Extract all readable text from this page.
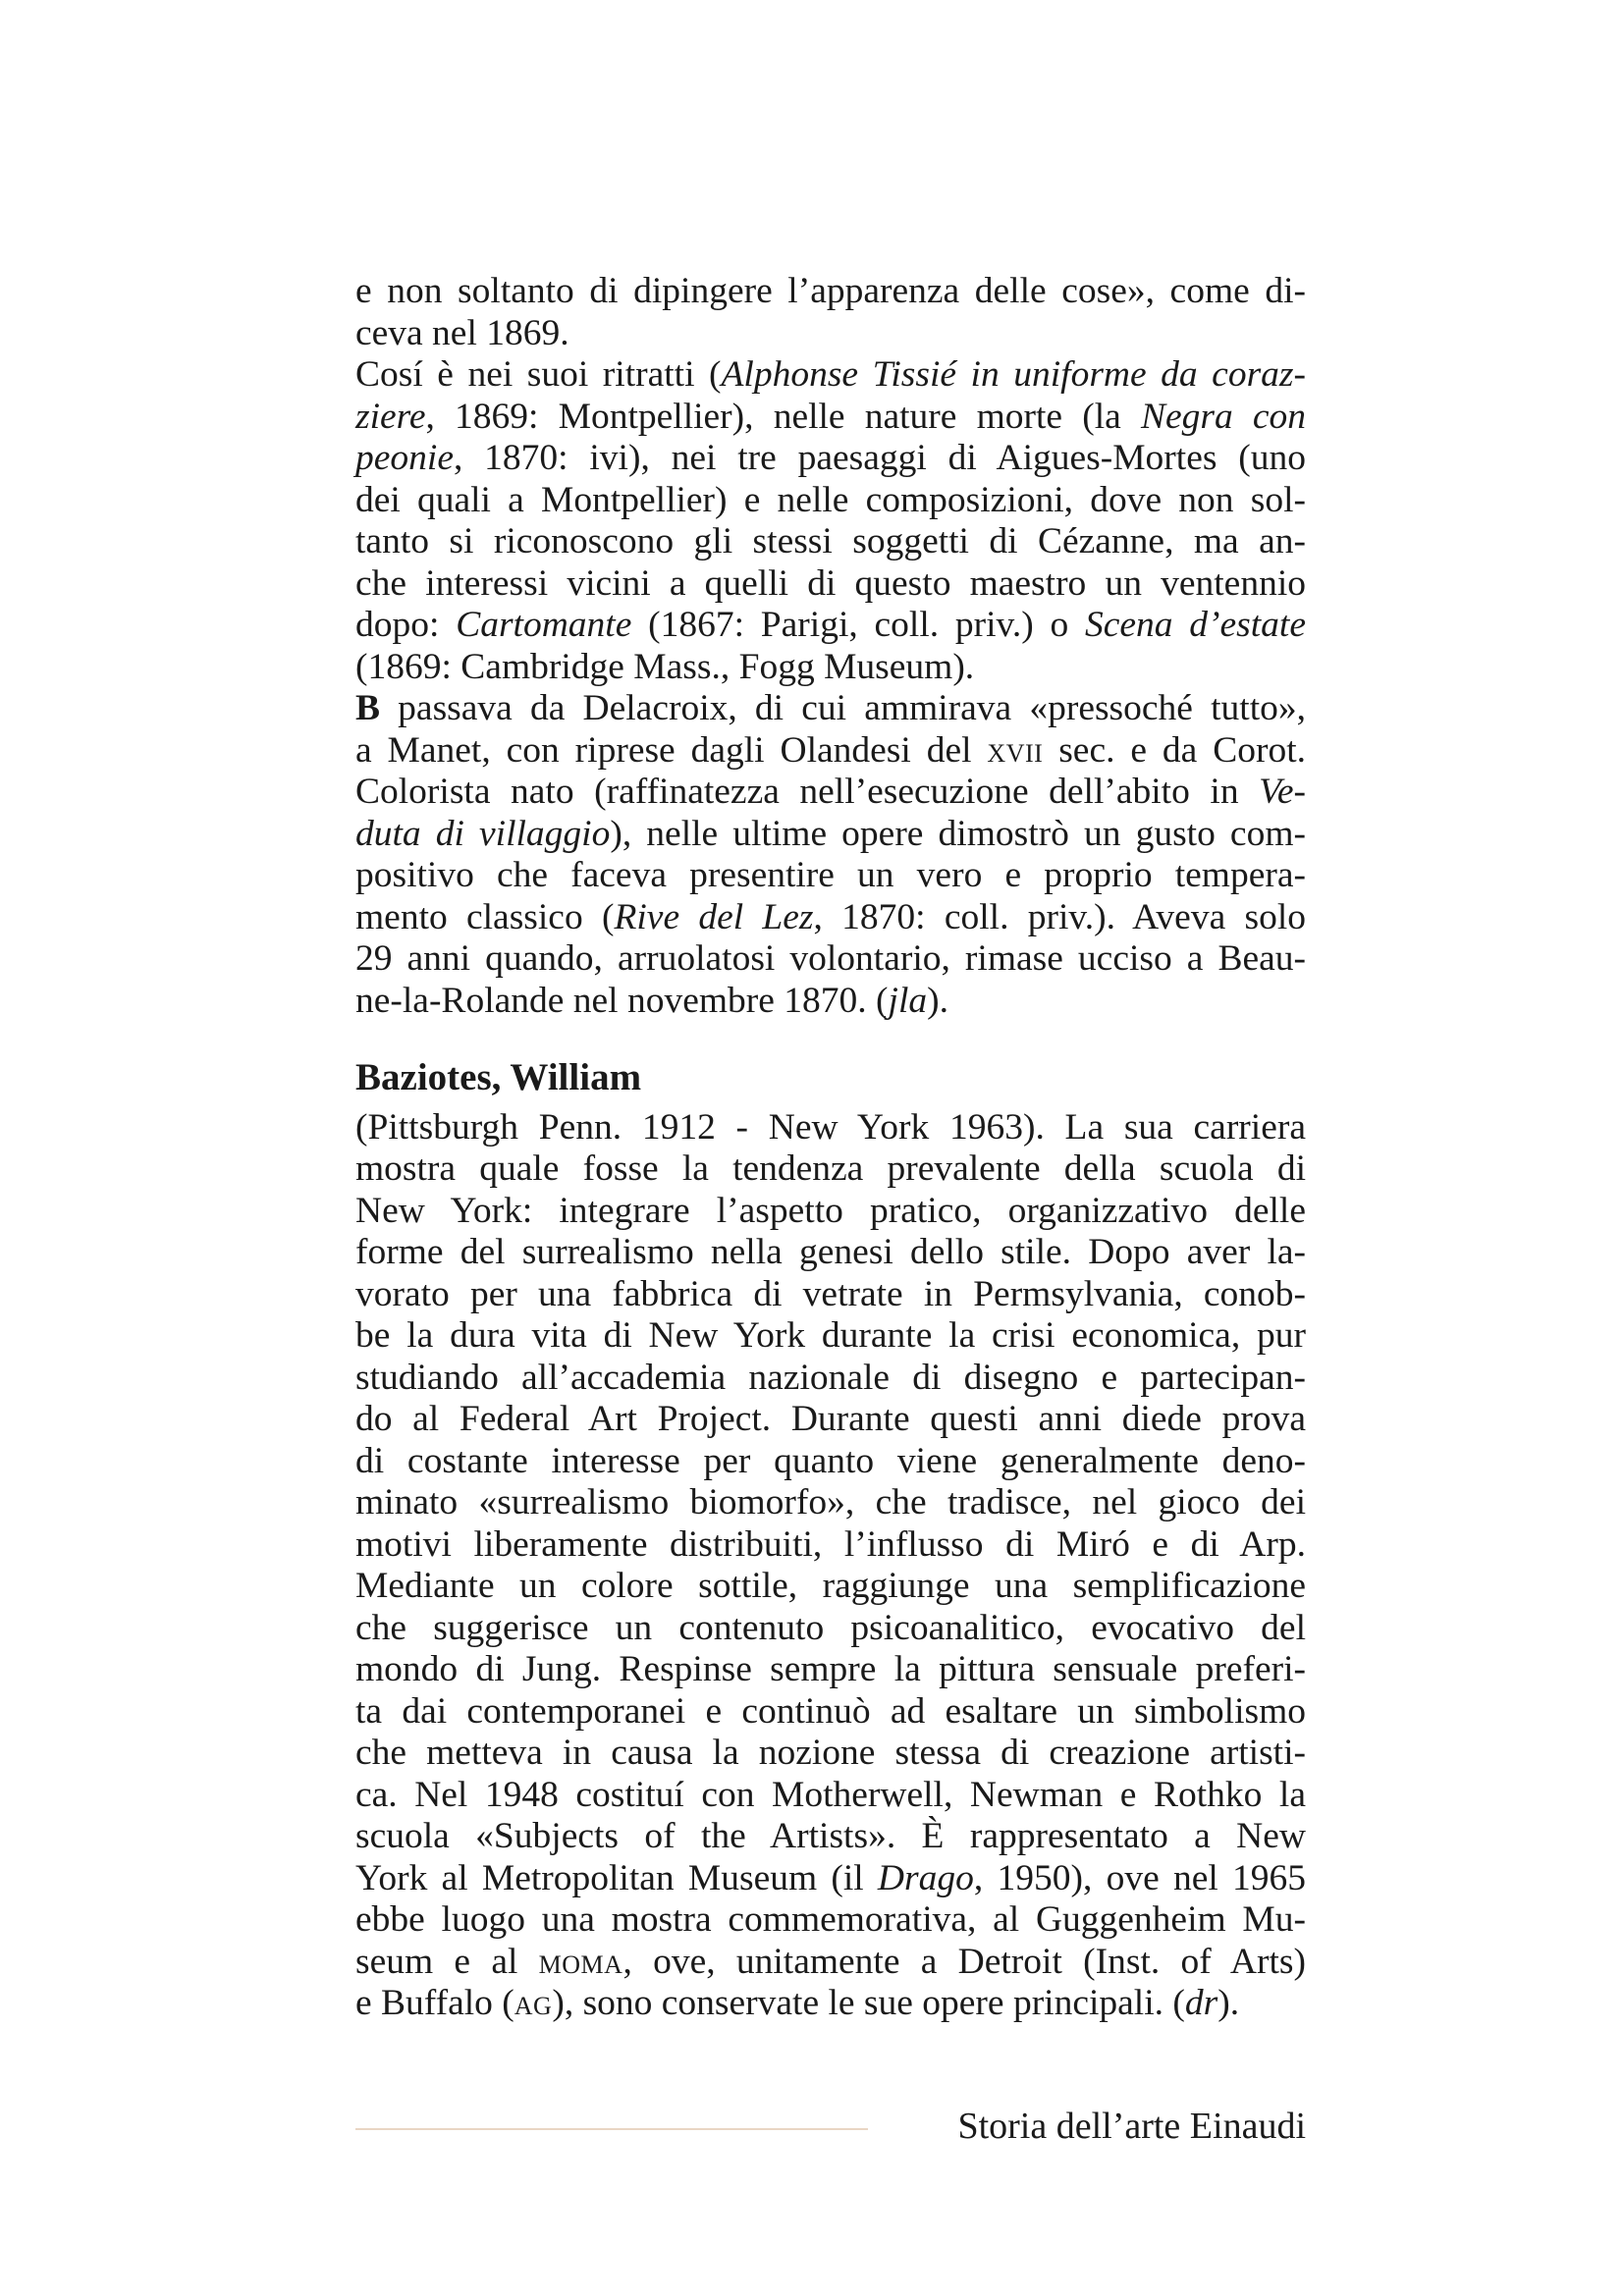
e non soltanto di dipingere l’apparenza delle cose», come di-
ceva nel 1869.
Cosí è nei suoi ritratti (Alphonse Tissié in uniforme da coraz-
ziere, 1869: Montpellier), nelle nature morte (la Negra con
peonie, 1870: ivi), nei tre paesaggi di Aigues-Mortes (uno
dei quali a Montpellier) e nelle composizioni, dove non sol-
tanto si riconoscono gli stessi soggetti di Cézanne, ma an-
che interessi vicini a quelli di questo maestro un ventennio
dopo: Cartomante (1867: Parigi, coll. priv.) o Scena d’estate
(1869: Cambridge Mass., Fogg Museum).
B passava da Delacroix, di cui ammirava «pressoché tutto»,
a Manet, con riprese dagli Olandesi del xvii sec. e da Corot.
Colorista nato (raffinatezza nell’esecuzione dell’abito in Ve-
duta di villaggio), nelle ultime opere dimostrò un gusto com-
positivo che faceva presentire un vero e proprio tempera-
mento classico (Rive del Lez, 1870: coll. priv.). Aveva solo
29 anni quando, arruolatosi volontario, rimase ucciso a Beau-
ne-la-Rolande nel novembre 1870. (jla).
Baziotes, William
(Pittsburgh Penn. 1912 - New York 1963). La sua carriera
mostra quale fosse la tendenza prevalente della scuola di
New York: integrare l’aspetto pratico, organizzativo delle
forme del surrealismo nella genesi dello stile. Dopo aver la-
vorato per una fabbrica di vetrate in Permsylvania, conob-
be la dura vita di New York durante la crisi economica, pur
studiando all’accademia nazionale di disegno e partecipan-
do al Federal Art Project. Durante questi anni diede prova
di costante interesse per quanto viene generalmente deno-
minato «surrealismo biomorfo», che tradisce, nel gioco dei
motivi liberamente distribuiti, l’influsso di Miró e di Arp.
Mediante un colore sottile, raggiunge una semplificazione
che suggerisce un contenuto psicoanalitico, evocativo del
mondo di Jung. Respinse sempre la pittura sensuale preferi-
ta dai contemporanei e continuò ad esaltare un simbolismo
che metteva in causa la nozione stessa di creazione artisti-
ca. Nel 1948 costituí con Motherwell, Newman e Rothko la
scuola «Subjects of the Artists». È rappresentato a New
York al Metropolitan Museum (il Drago, 1950), ove nel 1965
ebbe luogo una mostra commemorativa, al Guggenheim Mu-
seum e al moma, ove, unitamente a Detroit (Inst. of Arts)
e Buffalo (ag), sono conservate le sue opere principali. (dr).
Storia dell’arte Einaudi
